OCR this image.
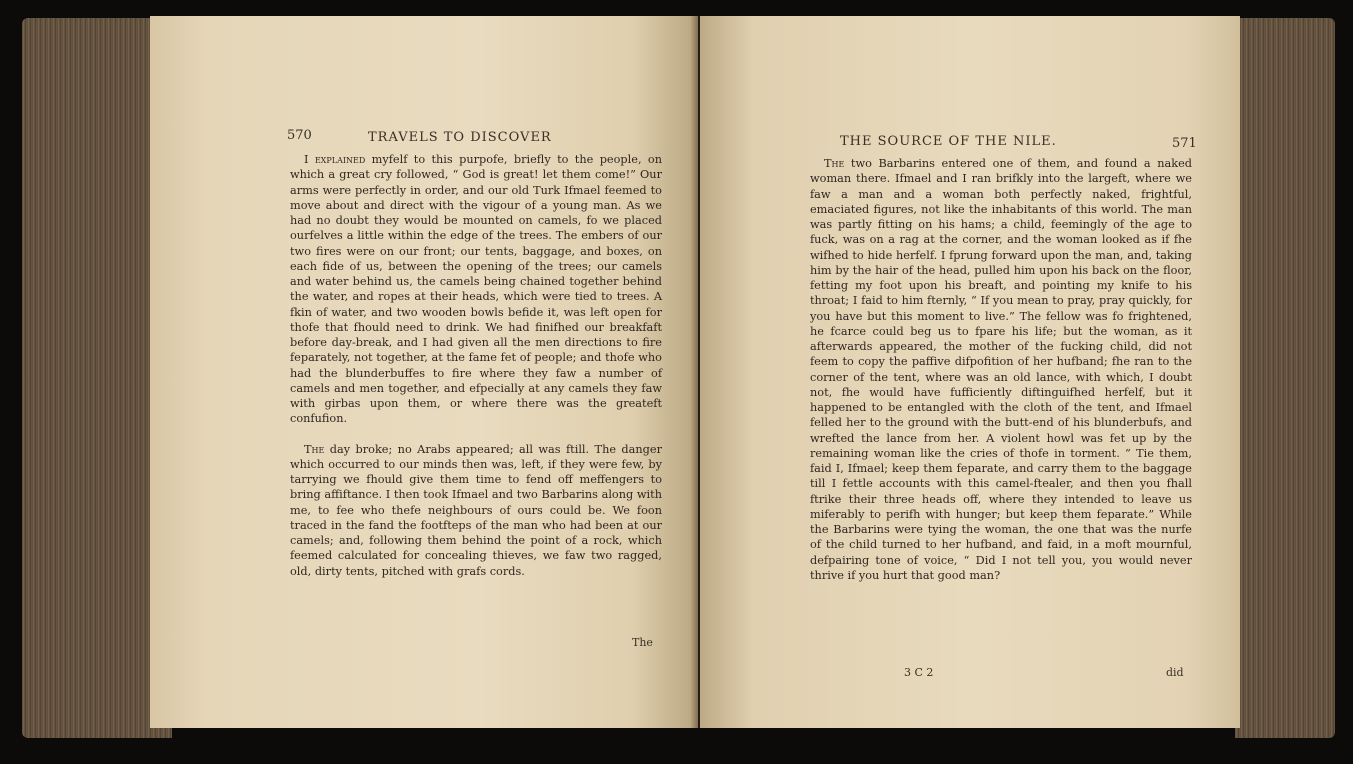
570	TRAVELS TO DISCOVER

I explained myfelf to this purpofe, briefly to the people, on which a great cry followed, “ God is great! let them come!” Our arms were perfectly in order, and our old Turk Ifmael feemed to move about and direct with the vigour of a young man. As we had no doubt they would be mounted on camels, fo we placed ourfelves a little within the edge of the trees. The embers of our two fires were on our front; our tents, baggage, and boxes, on each fide of us, between the opening of the trees; our camels and water behind us, the camels being chained together behind the water, and ropes at their heads, which were tied to trees. A fkin of water, and two wooden bowls befide it, was left open for thofe that fhould need to drink. We had finifhed our breakfaft before day-break, and I had given all the men directions to fire feparately, not together, at the fame fet of people; and thofe who had the blunderbuffes to fire where they faw a number of camels and men together, and efpecially at any camels they faw with girbas upon them, or where there was the greateft confufion.

The day broke; no Arabs appeared; all was ftill. The danger which occurred to our minds then was, left, if they were few, by tarrying we fhould give them time to fend off meffengers to bring affiftance. I then took Ifmael and two Barbarins along with me, to fee who thefe neighbours of ours could be. We foon traced in the fand the footfteps of the man who had been at our camels; and, following them behind the point of a rock, which feemed calculated for concealing thieves, we faw two ragged, old, dirty tents, pitched with grafs cords.

The
THE SOURCE OF THE NILE.	571

The two Barbarins entered one of them, and found a naked woman there. Ifmael and I ran brifkly into the largeft, where we faw a man and a woman both perfectly naked, frightful, emaciated figures, not like the inhabitants of this world. The man was partly fitting on his hams; a child, feemingly of the age to fuck, was on a rag at the corner, and the woman looked as if fhe wifhed to hide herfelf. I fprung forward upon the man, and, taking him by the hair of the head, pulled him upon his back on the floor, fetting my foot upon his breaft, and pointing my knife to his throat; I faid to him fternly, “ If you mean to pray, pray quickly, for you have but this moment to live.” The fellow was fo frightened, he fcarce could beg us to fpare his life; but the woman, as it afterwards appeared, the mother of the fucking child, did not feem to copy the paffive difpofition of her hufband; fhe ran to the corner of the tent, where was an old lance, with which, I doubt not, fhe would have fufficiently diftinguifhed herfelf, but it happened to be entangled with the cloth of the tent, and Ifmael felled her to the ground with the butt-end of his blunderbufs, and wrefted the lance from her. A violent howl was fet up by the remaining woman like the cries of thofe in torment. “ Tie them, faid I, Ifmael; keep them feparate, and carry them to the baggage till I fettle accounts with this camel-ftealer, and then you fhall ftrike their three heads off, where they intended to leave us miferably to perifh with hunger; but keep them feparate.” While the Barbarins were tying the woman, the one that was the nurfe of the child turned to her hufband, and faid, in a moft mournful, defpairing tone of voice, “ Did I not tell you, you would never thrive if you hurt that good man?

3 C 2	did
